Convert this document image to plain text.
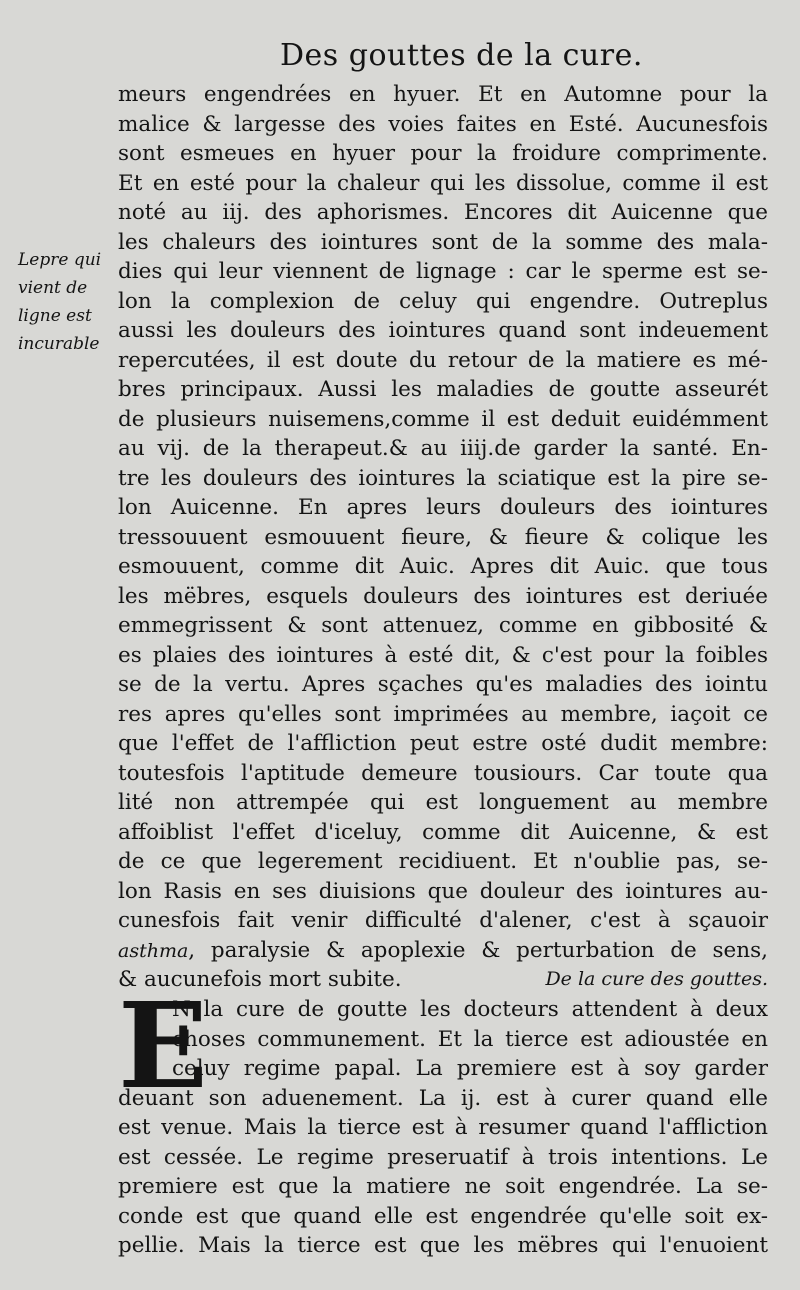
Des gouttes de la cure.
Lepre qui
vient de
ligne est
incurable
meurs engendrées en hyuer. Et en Automne pour la
malice & largesse des voies faites en Esté. Aucunesfois
sont esmeues en hyuer pour la froidure comprimente.
Et en esté pour la chaleur qui les dissolue, comme il est
noté au iij. des aphorismes. Encores dit Auicenne que
les chaleurs des iointures sont de la somme des mala-
dies qui leur viennent de lignage : car le sperme est se-
lon la complexion de celuy qui engendre. Outreplus
aussi les douleurs des iointures quand sont indeuement
repercutées, il est doute du retour de la matiere es mé-
bres principaux. Aussi les maladies de goutte asseurét
de plusieurs nuisemens,comme il est deduit euidémment
au vij. de la therapeut.& au iiij.de garder la santé. En-
tre les douleurs des iointures la sciatique est la pire se-
lon Auicenne. En apres leurs douleurs des iointures
tressouuent esmouuent fieure, & fieure & colique les
esmouuent, comme dit Auic. Apres dit Auic. que tous
les mëbres, esquels douleurs des iointures est deriuée
emmegrissent & sont attenuez, comme en gibbosité &
es plaies des iointures à esté dit, & c'est pour la foibles
se de la vertu. Apres sçaches qu'es maladies des iointu
res apres qu'elles sont imprimées au membre, iaçoit ce
que l'effet de l'affliction peut estre osté dudit membre:
toutesfois l'aptitude demeure tousiours. Car toute qua
lité non attrempée qui est longuement au membre
affoiblist l'effet d'iceluy, comme dit Auicenne, & est
de ce que legerement recidiuent. Et n'oublie pas, se-
lon Rasis en ses diuisions que douleur des iointures au-
cunesfois fait venir difficulté d'alener, c'est à sçauoir
asthma, paralysie & apoplexie & perturbation de sens,
& aucunefois mort subite.	De la cure des gouttes.
E
N la cure de goutte les docteurs attendent à deux
choses communement. Et la tierce est adioustée en
celuy regime papal. La premiere est à soy garder
deuant son aduenement. La ij. est à curer quand elle
est venue. Mais la tierce est à resumer quand l'affliction
est cessée. Le regime preseruatif à trois intentions. Le
premiere est que la matiere ne soit engendrée. La se-
conde est que quand elle est engendrée qu'elle soit ex-
pellie. Mais la tierce est que les mëbres qui l'enuoient
